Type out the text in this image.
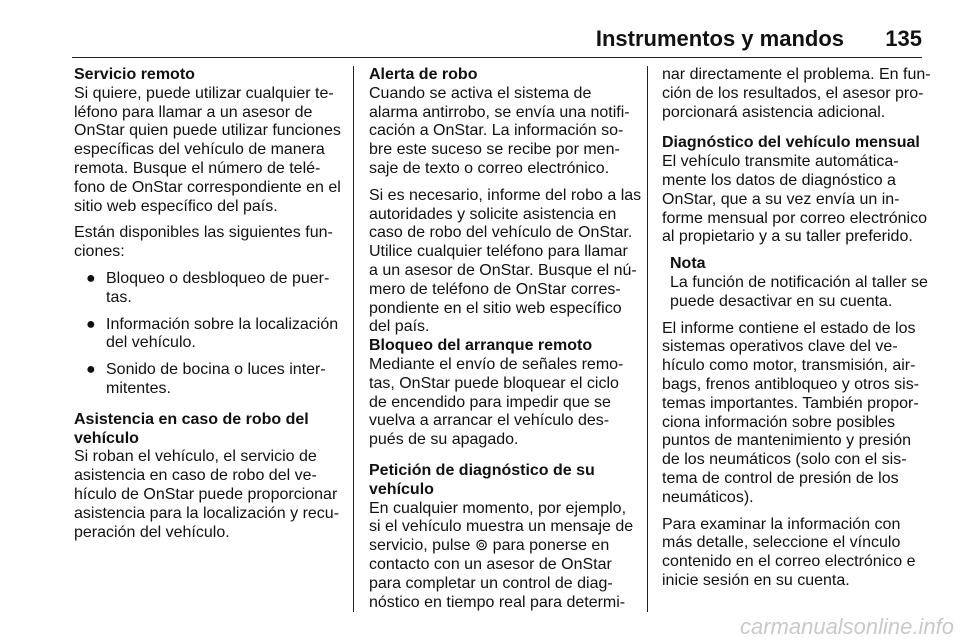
Instrumentos y mandos 135
Servicio remoto
Si quiere, puede utilizar cualquier te-
léfono para llamar a un asesor de
OnStar quien puede utilizar funciones
específicas del vehículo de manera
remota. Busque el número de telé-
fono de OnStar correspondiente en el
sitio web específico del país.
Están disponibles las siguientes fun-
ciones:
● Bloqueo o desbloqueo de puer-
tas.
● Información sobre la localización
del vehículo.
● Sonido de bocina o luces inter-
mitentes.
Asistencia en caso de robo del
vehículo
Si roban el vehículo, el servicio de
asistencia en caso de robo del ve-
hículo de OnStar puede proporcionar
asistencia para la localización y recu-
peración del vehículo.
Alerta de robo
Cuando se activa el sistema de
alarma antirrobo, se envía una notifi-
cación a OnStar. La información so-
bre este suceso se recibe por men-
saje de texto o correo electrónico.
Si es necesario, informe del robo a las
autoridades y solicite asistencia en
caso de robo del vehículo de OnStar.
Utilice cualquier teléfono para llamar
a un asesor de OnStar. Busque el nú-
mero de teléfono de OnStar corres-
pondiente en el sitio web específico
del país.
Bloqueo del arranque remoto
Mediante el envío de señales remo-
tas, OnStar puede bloquear el ciclo
de encendido para impedir que se
vuelva a arrancar el vehículo des-
pués de su apagado.
Petición de diagnóstico de su
vehículo
En cualquier momento, por ejemplo,
si el vehículo muestra un mensaje de
servicio, pulse ⊚ para ponerse en
contacto con un asesor de OnStar
para completar un control de diag-
nóstico en tiempo real para determi-
nar directamente el problema. En fun-
ción de los resultados, el asesor pro-
porcionará asistencia adicional.
Diagnóstico del vehículo mensual
El vehículo transmite automática-
mente los datos de diagnóstico a
OnStar, que a su vez envía un in-
forme mensual por correo electrónico
al propietario y a su taller preferido.
Nota
La función de notificación al taller se
puede desactivar en su cuenta.
El informe contiene el estado de los
sistemas operativos clave del ve-
hículo como motor, transmisión, air-
bags, frenos antibloqueo y otros sis-
temas importantes. También propor-
ciona información sobre posibles
puntos de mantenimiento y presión
de los neumáticos (solo con el sis-
tema de control de presión de los
neumáticos).
Para examinar la información con
más detalle, seleccione el vínculo
contenido en el correo electrónico e
inicie sesión en su cuenta.
carmanualsonline.info
